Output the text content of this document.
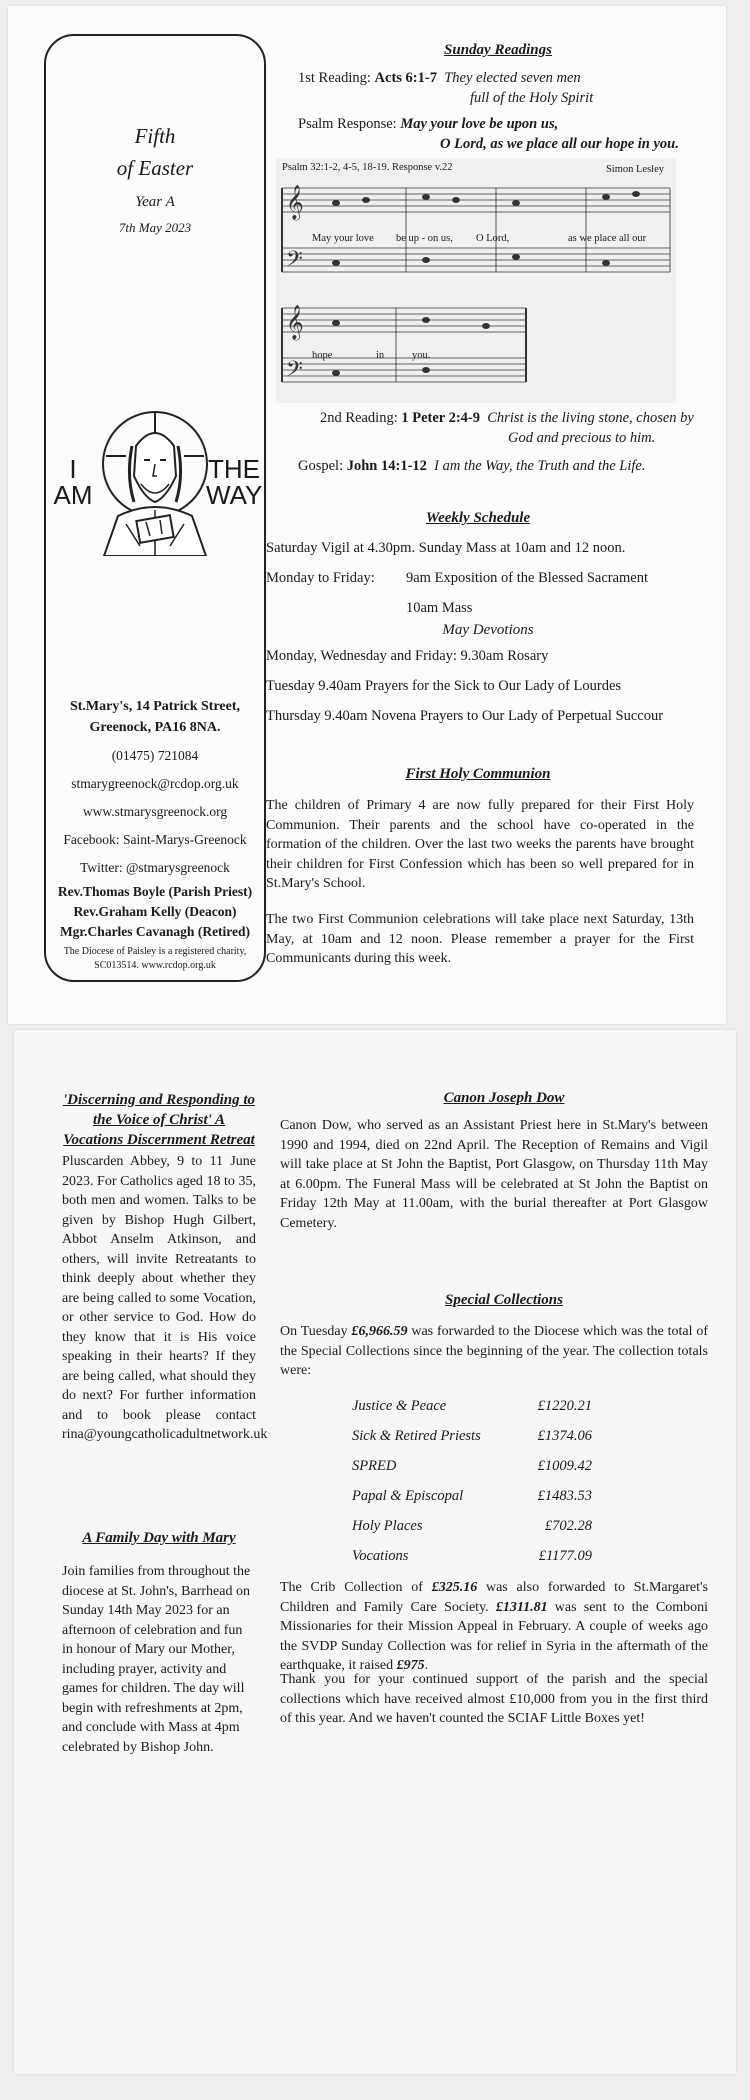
Fifth
of Easter
Year A
7th May 2023
I
AM
THE
WAY
St.Mary's, 14 Patrick Street,
Greenock, PA16 8NA.
(01475) 721084
stmarygreenock@rcdop.org.uk
www.stmarysgreenock.org
Facebook: Saint-Marys-Greenock
Twitter: @stmarysgreenock
Rev.Thomas Boyle (Parish Priest)
Rev.Graham Kelly (Deacon)
Mgr.Charles Cavanagh (Retired)
The Diocese of Paisley is a registered charity,
SC013514. www.rcdop.org.uk
Sunday Readings
1st Reading: Acts 6:1-7 They elected seven men
full of the Holy Spirit
Psalm Response: May your love be upon us,
O Lord, as we place all our hope in you.
Psalm 32:1-2, 4-5, 18-19. Response v.22	Simon Lesley
𝄞
𝄢
𝄞
𝄢
May your love be up - on us, O Lord,	as we place all our
hope	in	you.
2nd Reading: 1 Peter 2:4-9 Christ is the living stone, chosen by
God and precious to him.
Gospel: John 14:1-12 I am the Way, the Truth and the Life.
Weekly Schedule
Saturday Vigil at 4.30pm. Sunday Mass at 10am and 12 noon.
Monday to Friday: 9am Exposition of the Blessed Sacrament
10am Mass
May Devotions
Monday, Wednesday and Friday: 9.30am Rosary
Tuesday 9.40am Prayers for the Sick to Our Lady of Lourdes
Thursday 9.40am Novena Prayers to Our Lady of Perpetual Succour
First Holy Communion
The children of Primary 4 are now fully prepared for their First Holy Communion. Their parents and the school have co-operated in the formation of the children. Over the last two weeks the parents have brought their children for First Confession which has been so well prepared for in St.Mary's School.
The two First Communion celebrations will take place next Saturday, 13th May, at 10am and 12 noon. Please remember a prayer for the First Communicants during this week.
'Discerning and Responding to the Voice of Christ' A Vocations Discernment Retreat
Pluscarden Abbey, 9 to 11 June 2023. For Catholics aged 18 to 35, both men and women. Talks to be given by Bishop Hugh Gilbert, Abbot Anselm Atkinson, and others, will invite Retreatants to think deeply about whether they are being called to some Vocation, or other service to God. How do they know that it is His voice speaking in their hearts? If they are being called, what should they do next? For further information and to book please contact rina@youngcatholicadultnetwork.uk
A Family Day with Mary
Join families from throughout the diocese at St. John's, Barrhead on Sunday 14th May 2023 for an afternoon of celebration and fun in honour of Mary our Mother, including prayer, activity and games for children. The day will begin with refreshments at 2pm, and conclude with Mass at 4pm celebrated by Bishop John.
Canon Joseph Dow
Canon Dow, who served as an Assistant Priest here in St.Mary's between 1990 and 1994, died on 22nd April. The Reception of Remains and Vigil will take place at St John the Baptist, Port Glasgow, on Thursday 11th May at 6.00pm. The Funeral Mass will be celebrated at St John the Baptist on Friday 12th May at 11.00am, with the burial thereafter at Port Glasgow Cemetery.
Special Collections
On Tuesday £6,966.59 was forwarded to the Diocese which was the total of the Special Collections since the beginning of the year. The collection totals were:
Justice & Peace	£1220.21
Sick & Retired Priests	£1374.06
SPRED	£1009.42
Papal & Episcopal	£1483.53
Holy Places	£702.28
Vocations	£1177.09
The Crib Collection of £325.16 was also forwarded to St.Margaret's Children and Family Care Society. £1311.81 was sent to the Comboni Missionaries for their Mission Appeal in February. A couple of weeks ago the SVDP Sunday Collection was for relief in Syria in the aftermath of the earthquake, it raised £975.
Thank you for your continued support of the parish and the special collections which have received almost £10,000 from you in the first third of this year. And we haven't counted the SCIAF Little Boxes yet!
